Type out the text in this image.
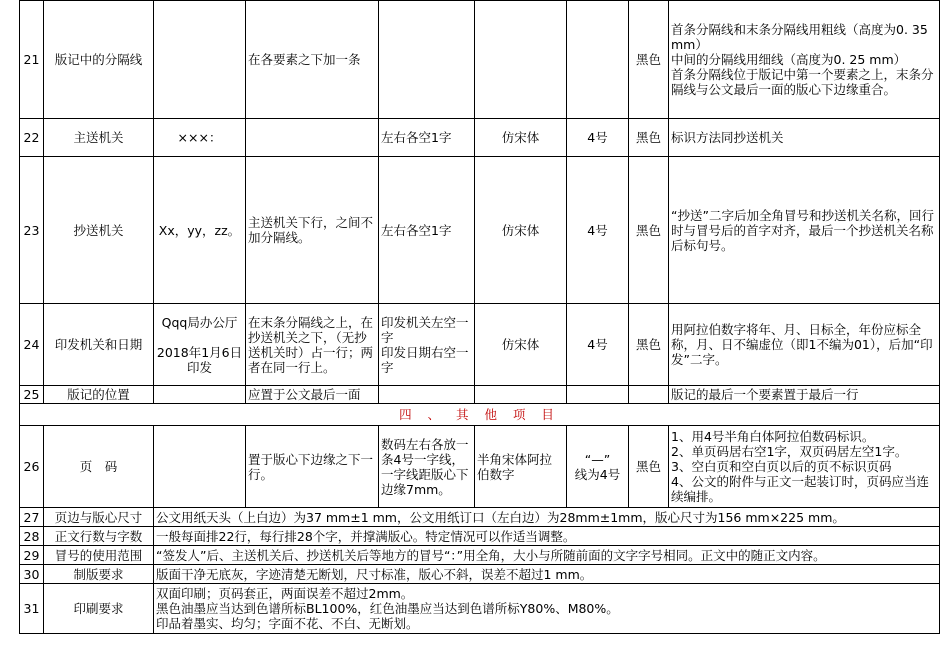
21	版记中的分隔线		在各要素之下加一条				黑色	首条分隔线和末条分隔线用粗线（高度为0. 35 mm）
中间的分隔线用细线（高度为0. 25 mm）
首条分隔线位于版记中第一个要素之上，末条分隔线与公文最后一面的版心下边缘重合。
22	主送机关	×××：		左右各空1字	仿宋体	4号	黑色	标识方法同抄送机关
23	抄送机关	Xx，yy，zz。	主送机关下行，之间不加分隔线。	左右各空1字	仿宋体	4号	黑色	“抄送”二字后加全角冒号和抄送机关名称，回行时与冒号后的首字对齐，最后一个抄送机关名称后标句号。
24	印发机关和日期	Qqq局办公厅

2018年1月6日印发	在末条分隔线之上，在抄送机关之下，（无抄送机关时）占一行；两者在同一行上。	印发机关左空一字
印发日期右空一字	仿宋体	4号	黑色	用阿拉伯数字将年、月、日标全，年份应标全称，月、日不编虚位（即1不编为01），后加“印发”二字。
25	版记的位置		应置于公文最后一面					版记的最后一个要素置于最后一行
四 、 其 他 项 目								
26	页　码		置于版心下边缘之下一行。	数码左右各放一条4号一字线，一字线距版心下边缘7mm。	半角宋体阿拉伯数字	“—”
线为4号	黑色	1、用4号半角白体阿拉伯数码标识。
2、单页码居右空1字，双页码居左空1字。
3、空白页和空白页以后的页不标识页码
4、公文的附件与正文一起装订时，页码应当连续编排。
27	页边与版心尺寸	公文用纸天头（上白边）为37 mm±1 mm，公文用纸订口（左白边）为28mm±1mm，版心尺寸为156 mm×225 mm。						
28	正文行数与字数	一般每面排22行，每行排28个字，并撑满版心。特定情况可以作适当调整。						
29	冒号的使用范围	“签发人”后、主送机关后、抄送机关后等地方的冒号“：”用全角，大小与所随前面的文字字号相同。正文中的随正文内容。						
30	制版要求	版面干净无底灰，字迹清楚无断划，尺寸标准，版心不斜，误差不超过1 mm。						
31	印刷要求	双面印刷；页码套正，两面误差不超过2mm。
黑色油墨应当达到色谱所标BL100%，红色油墨应当达到色谱所标Y80%、M80%。
印品着墨实、均匀；字面不花、不白、无断划。						
